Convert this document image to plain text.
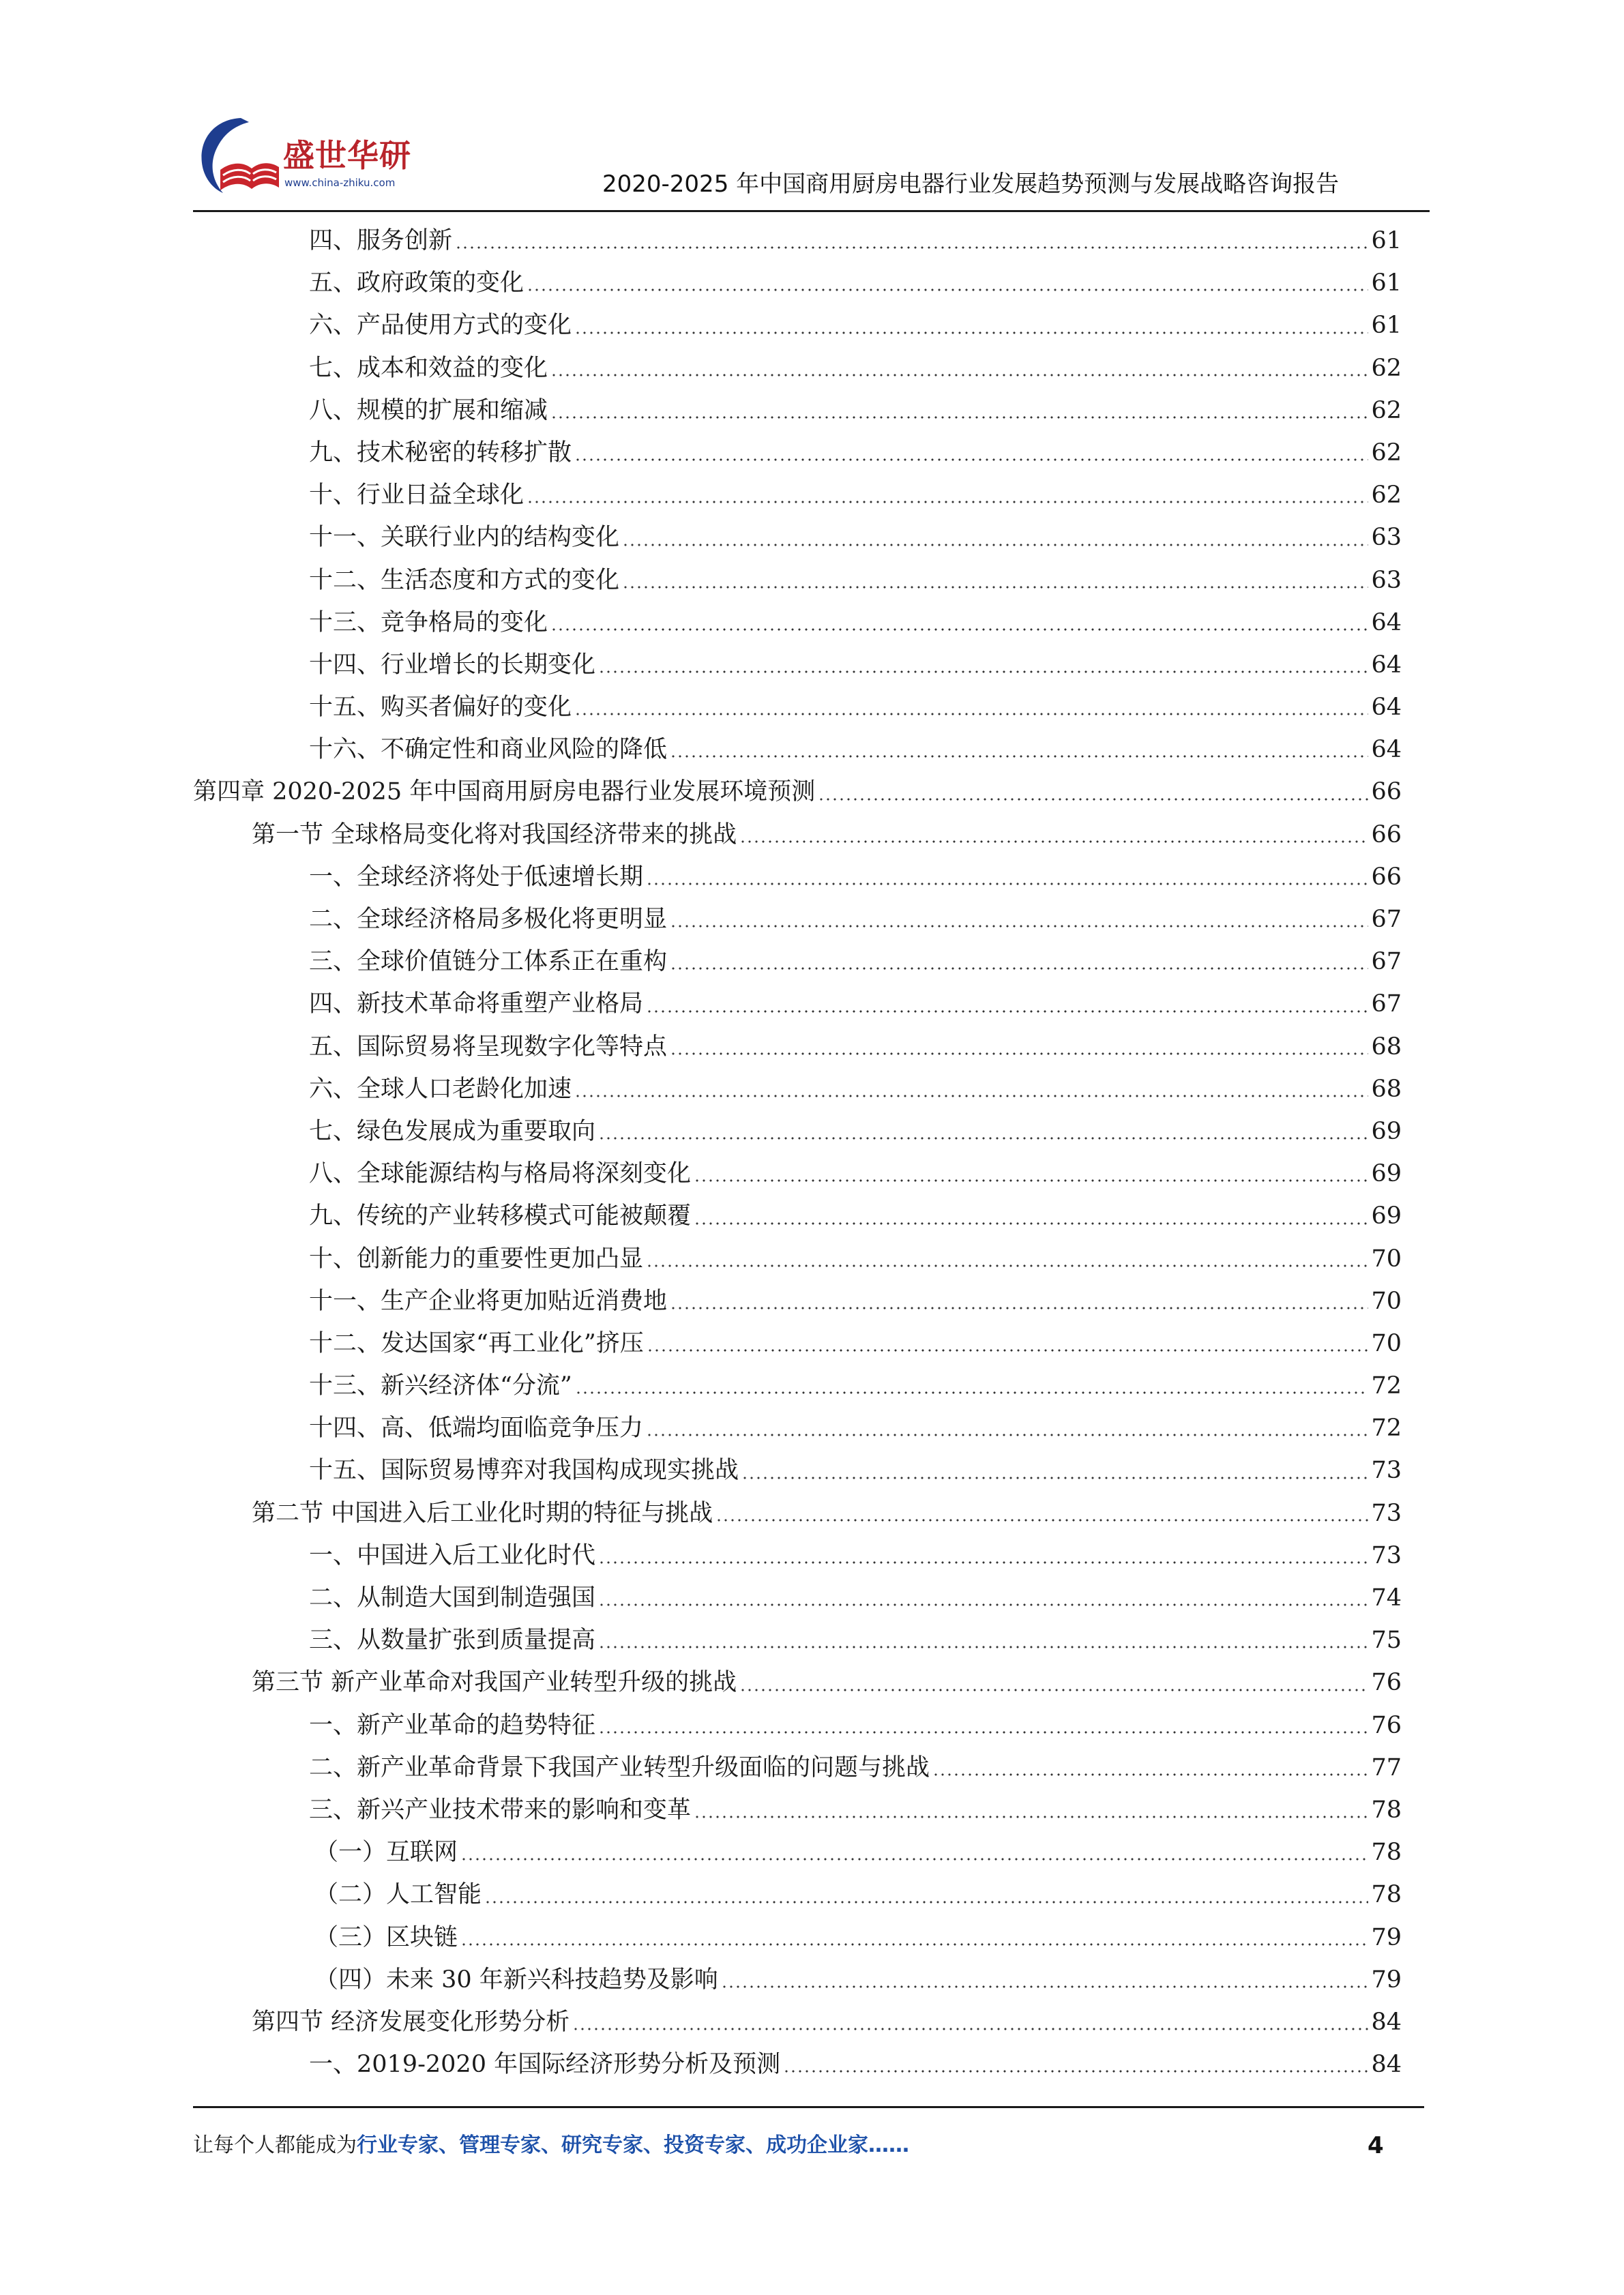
盛世华研
www.china-zhiku.com	2020-2025 年中国商用厨房电器行业发展趋势预测与发展战略咨询报告
四、服务创新	61
五、政府政策的变化	61
六、产品使用方式的变化	61
七、成本和效益的变化	62
八、规模的扩展和缩减	62
九、技术秘密的转移扩散	62
十、行业日益全球化	62
十一、关联行业内的结构变化	63
十二、生活态度和方式的变化	63
十三、竞争格局的变化	64
十四、行业增长的长期变化	64
十五、购买者偏好的变化	64
十六、不确定性和商业风险的降低	64
第四章 2020-2025 年中国商用厨房电器行业发展环境预测	66
第一节 全球格局变化将对我国经济带来的挑战	66
一、全球经济将处于低速增长期	66
二、全球经济格局多极化将更明显	67
三、全球价值链分工体系正在重构	67
四、新技术革命将重塑产业格局	67
五、国际贸易将呈现数字化等特点	68
六、全球人口老龄化加速	68
七、绿色发展成为重要取向	69
八、全球能源结构与格局将深刻变化	69
九、传统的产业转移模式可能被颠覆	69
十、创新能力的重要性更加凸显	70
十一、生产企业将更加贴近消费地	70
十二、发达国家“再工业化”挤压	70
十三、新兴经济体“分流”	72
十四、高、低端均面临竞争压力	72
十五、国际贸易博弈对我国构成现实挑战	73
第二节 中国进入后工业化时期的特征与挑战	73
一、中国进入后工业化时代	73
二、从制造大国到制造强国	74
三、从数量扩张到质量提高	75
第三节 新产业革命对我国产业转型升级的挑战	76
一、新产业革命的趋势特征	76
二、新产业革命背景下我国产业转型升级面临的问题与挑战	77
三、新兴产业技术带来的影响和变革	78
（一）互联网	78
（二）人工智能	78
（三）区块链	79
（四）未来 30 年新兴科技趋势及影响	79
第四节 经济发展变化形势分析	84
一、2019-2020 年国际经济形势分析及预测	84
让每个人都能成为行业专家、管理专家、研究专家、投资专家、成功企业家……	4
